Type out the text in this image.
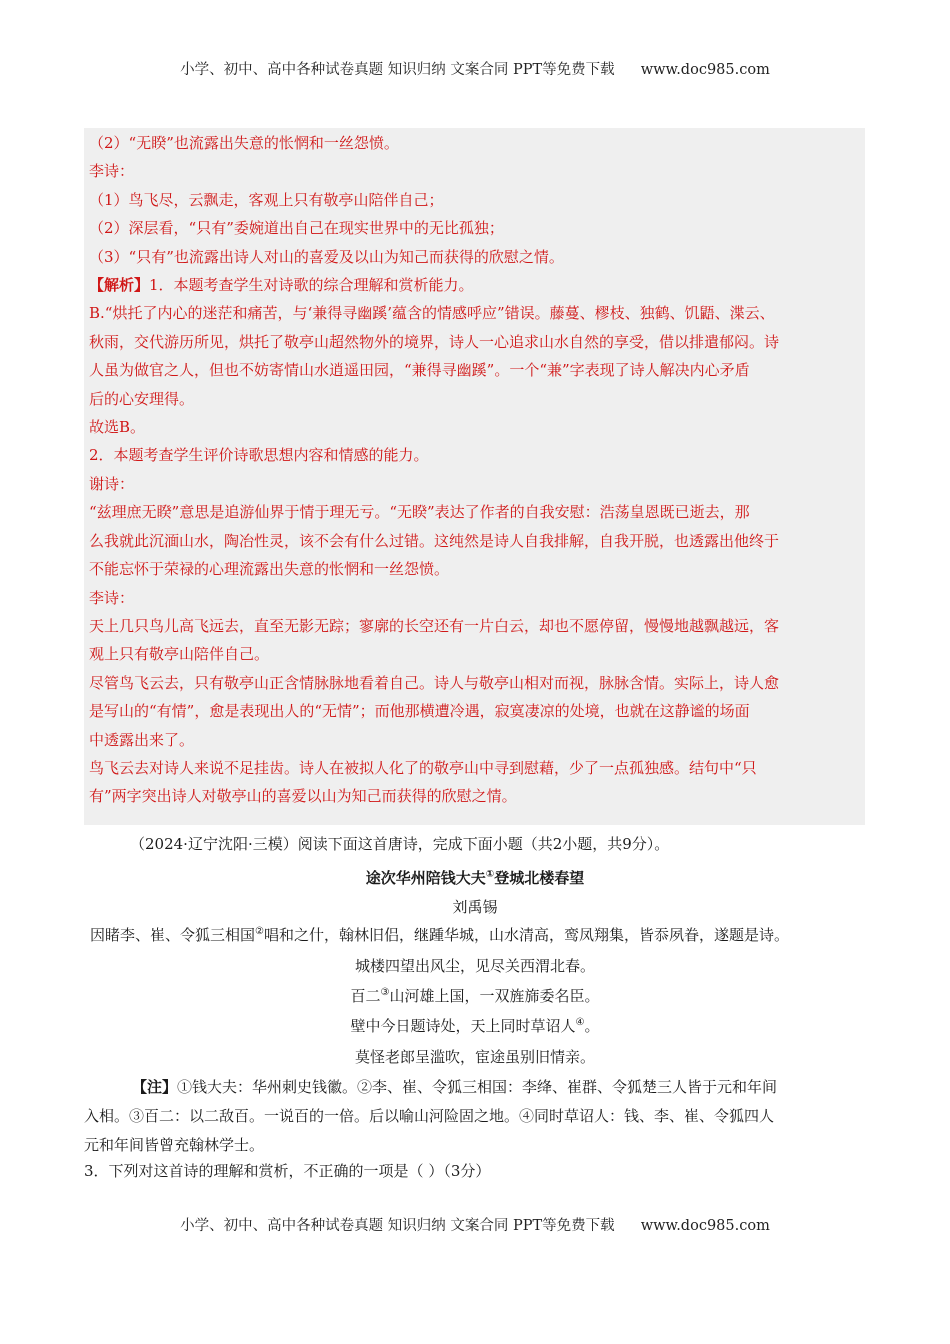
小学、初中、高中各种试卷真题 知识归纳 文案合同 PPT等免费下载 www.doc985.com

（2）“无睽”也流露出失意的怅惘和一丝怨愤。

李诗：

（1）鸟飞尽，云飘走，客观上只有敬亭山陪伴自己；

（2）深层看，“只有”委婉道出自己在现实世界中的无比孤独；

（3）“只有”也流露出诗人对山的喜爱及以山为知己而获得的欣慰之情。

【解析】1．本题考查学生对诗歌的综合理解和赏析能力。

B.“烘托了内心的迷茫和痛苦，与‘兼得寻幽蹊’蕴含的情感呼应”错误。藤蔓、樛枝、独鹤、饥鼯、渫云、

秋雨，交代游历所见，烘托了敬亭山超然物外的境界，诗人一心追求山水自然的享受，借以排遣郁闷。诗

人虽为做官之人，但也不妨寄情山水逍遥田园，“兼得寻幽蹊”。一个“兼”字表现了诗人解决内心矛盾

后的心安理得。

故选B。

2．本题考查学生评价诗歌思想内容和情感的能力。

谢诗：

“兹理庶无睽”意思是追游仙界于情于理无亏。“无睽”表达了作者的自我安慰：浩荡皇恩既已逝去，那

么我就此沉湎山水，陶冶性灵，该不会有什么过错。这纯然是诗人自我排解，自我开脱，也透露出他终于

不能忘怀于荣禄的心理流露出失意的怅惘和一丝怨愤。

李诗：

天上几只鸟儿高飞远去，直至无影无踪；寥廓的长空还有一片白云，却也不愿停留，慢慢地越飘越远，客

观上只有敬亭山陪伴自己。

尽管鸟飞云去，只有敬亭山正含情脉脉地看着自己。诗人与敬亭山相对而视，脉脉含情。实际上，诗人愈

是写山的“有情”，愈是表现出人的“无情”；而他那横遭冷遇，寂寞凄凉的处境，也就在这静谧的场面

中透露出来了。

鸟飞云去对诗人来说不足挂齿。诗人在被拟人化了的敬亭山中寻到慰藉，少了一点孤独感。结句中“只

有”两字突出诗人对敬亭山的喜爱以山为知己而获得的欣慰之情。

（2024·辽宁沈阳·三模）阅读下面这首唐诗，完成下面小题（共2小题，共9分）。
途次华州陪钱大夫①登城北楼春望
刘禹锡
因睹李、崔、令狐三相国②唱和之什，翰林旧侣，继踵华城，山水清高，鸾凤翔集，皆忝夙眷，遂题是诗。
城楼四望出风尘，见尽关西渭北春。
百二③山河雄上国，一双旌旆委名臣。
壁中今日题诗处，天上同时草诏人④。
莫怪老郎呈滥吹，宦途虽别旧情亲。
【注】①钱大夫：华州刺史钱徽。②李、崔、令狐三相国：李绛、崔群、令狐楚三人皆于元和年间
入相。③百二：以二敌百。一说百的一倍。后以喻山河险固之地。④同时草诏人：钱、李、崔、令狐四人
元和年间皆曾充翰林学士。
3．下列对这首诗的理解和赏析，不正确的一项是（ ）（3分）
小学、初中、高中各种试卷真题 知识归纳 文案合同 PPT等免费下载 www.doc985.com
